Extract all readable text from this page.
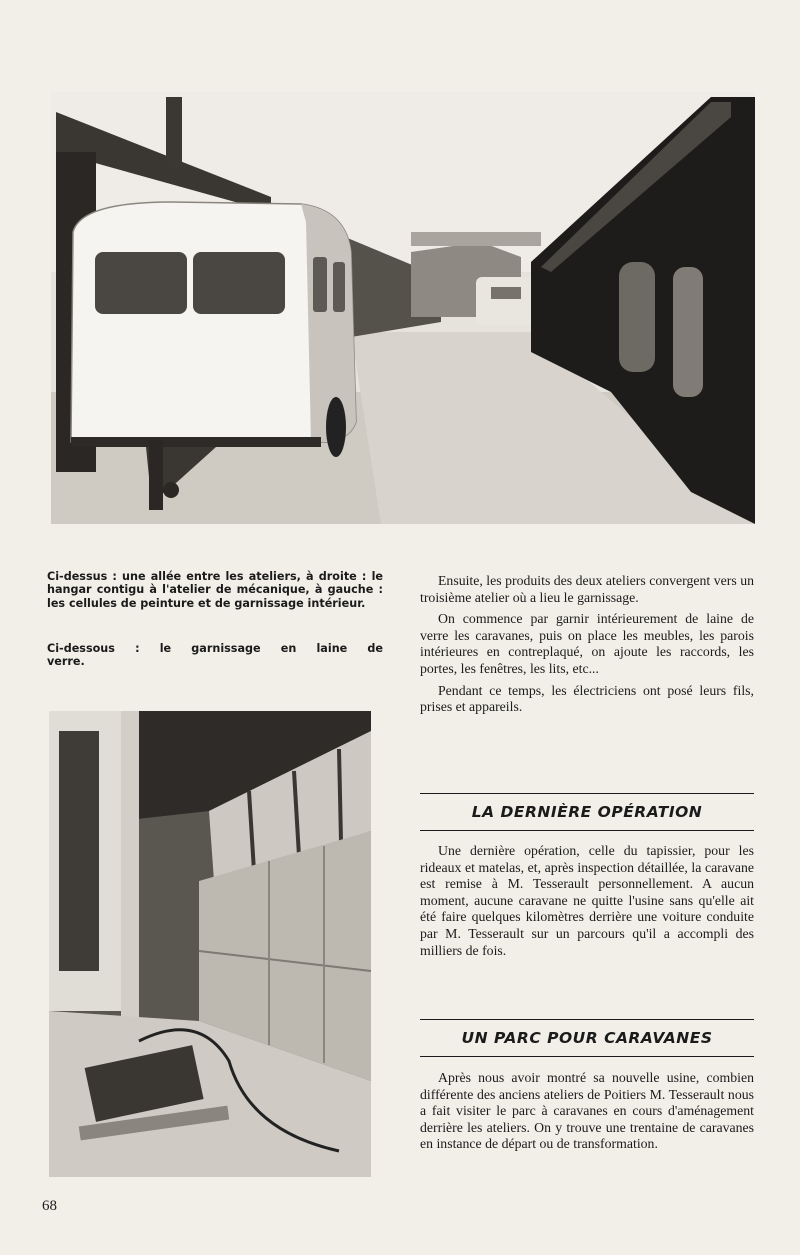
Ci-dessus : une allée entre les ateliers, à droite : le hangar contigu à l'atelier de mécanique, à gauche : les cellules de peinture et de garnissage intérieur.

Ci-dessous : le garnissage en laine de verre.

Ensuite, les produits des deux ateliers convergent vers un troisième atelier où a lieu le garnissage.

On commence par garnir intérieurement de laine de verre les caravanes, puis on place les meubles, les parois intérieures en contreplaqué, on ajoute les raccords, les portes, les fenêtres, les lits, etc...

Pendant ce temps, les électriciens ont posé leurs fils, prises et appareils.

LA DERNIÈRE OPÉRATION

Une dernière opération, celle du tapissier, pour les rideaux et matelas, et, après inspection détaillée, la caravane est remise à M. Tesserault personnellement. A aucun moment, aucune caravane ne quitte l'usine sans qu'elle ait été faire quelques kilomètres derrière une voiture conduite par M. Tesserault sur un parcours qu'il a accompli des milliers de fois.

UN PARC POUR CARAVANES

Après nous avoir montré sa nouvelle usine, combien différente des anciens ateliers de Poitiers M. Tesserault nous a fait visiter le parc à caravanes en cours d'aménagement derrière les ateliers. On y trouve une trentaine de caravanes en instance de départ ou de transformation.

68
